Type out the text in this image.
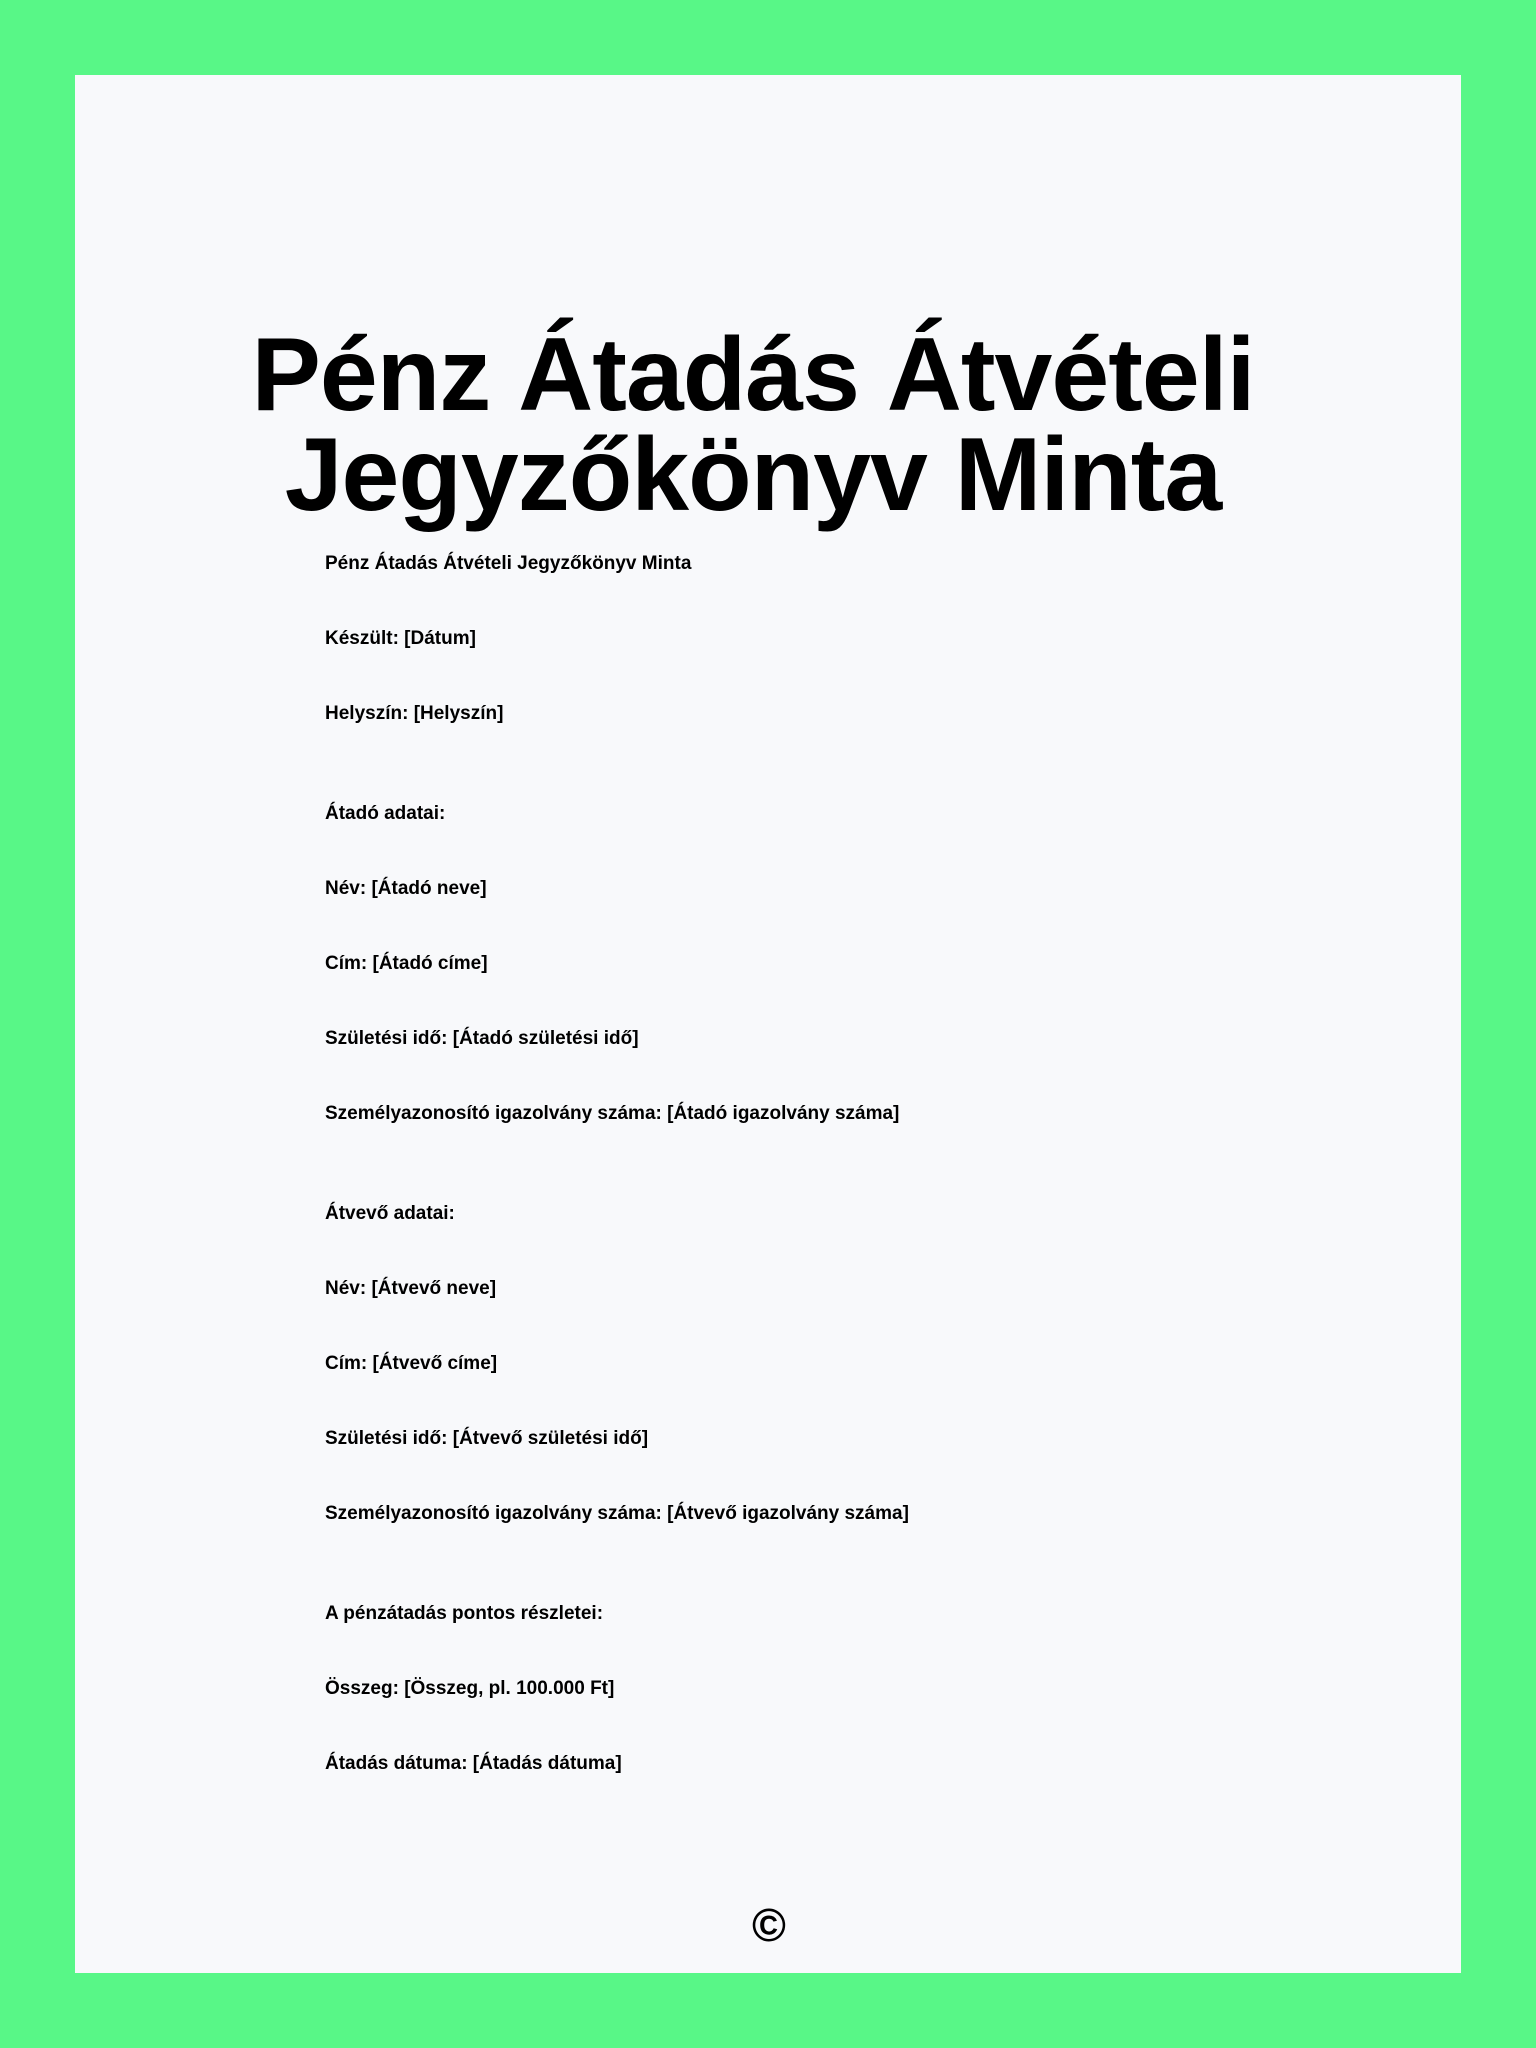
Pénz Átadás Átvételi
Jegyzőkönyv Minta

Pénz Átadás Átvételi Jegyzőkönyv Minta

Készült: [Dátum]

Helyszín: [Helyszín]

Átadó adatai:

Név: [Átadó neve]

Cím: [Átadó címe]

Születési idő: [Átadó születési idő]

Személyazonosító igazolvány száma: [Átadó igazolvány száma]

Átvevő adatai:

Név: [Átvevő neve]

Cím: [Átvevő címe]

Születési idő: [Átvevő születési idő]

Személyazonosító igazolvány száma: [Átvevő igazolvány száma]

A pénzátadás pontos részletei:

Összeg: [Összeg, pl. 100.000 Ft]

Átadás dátuma: [Átadás dátuma]

©
